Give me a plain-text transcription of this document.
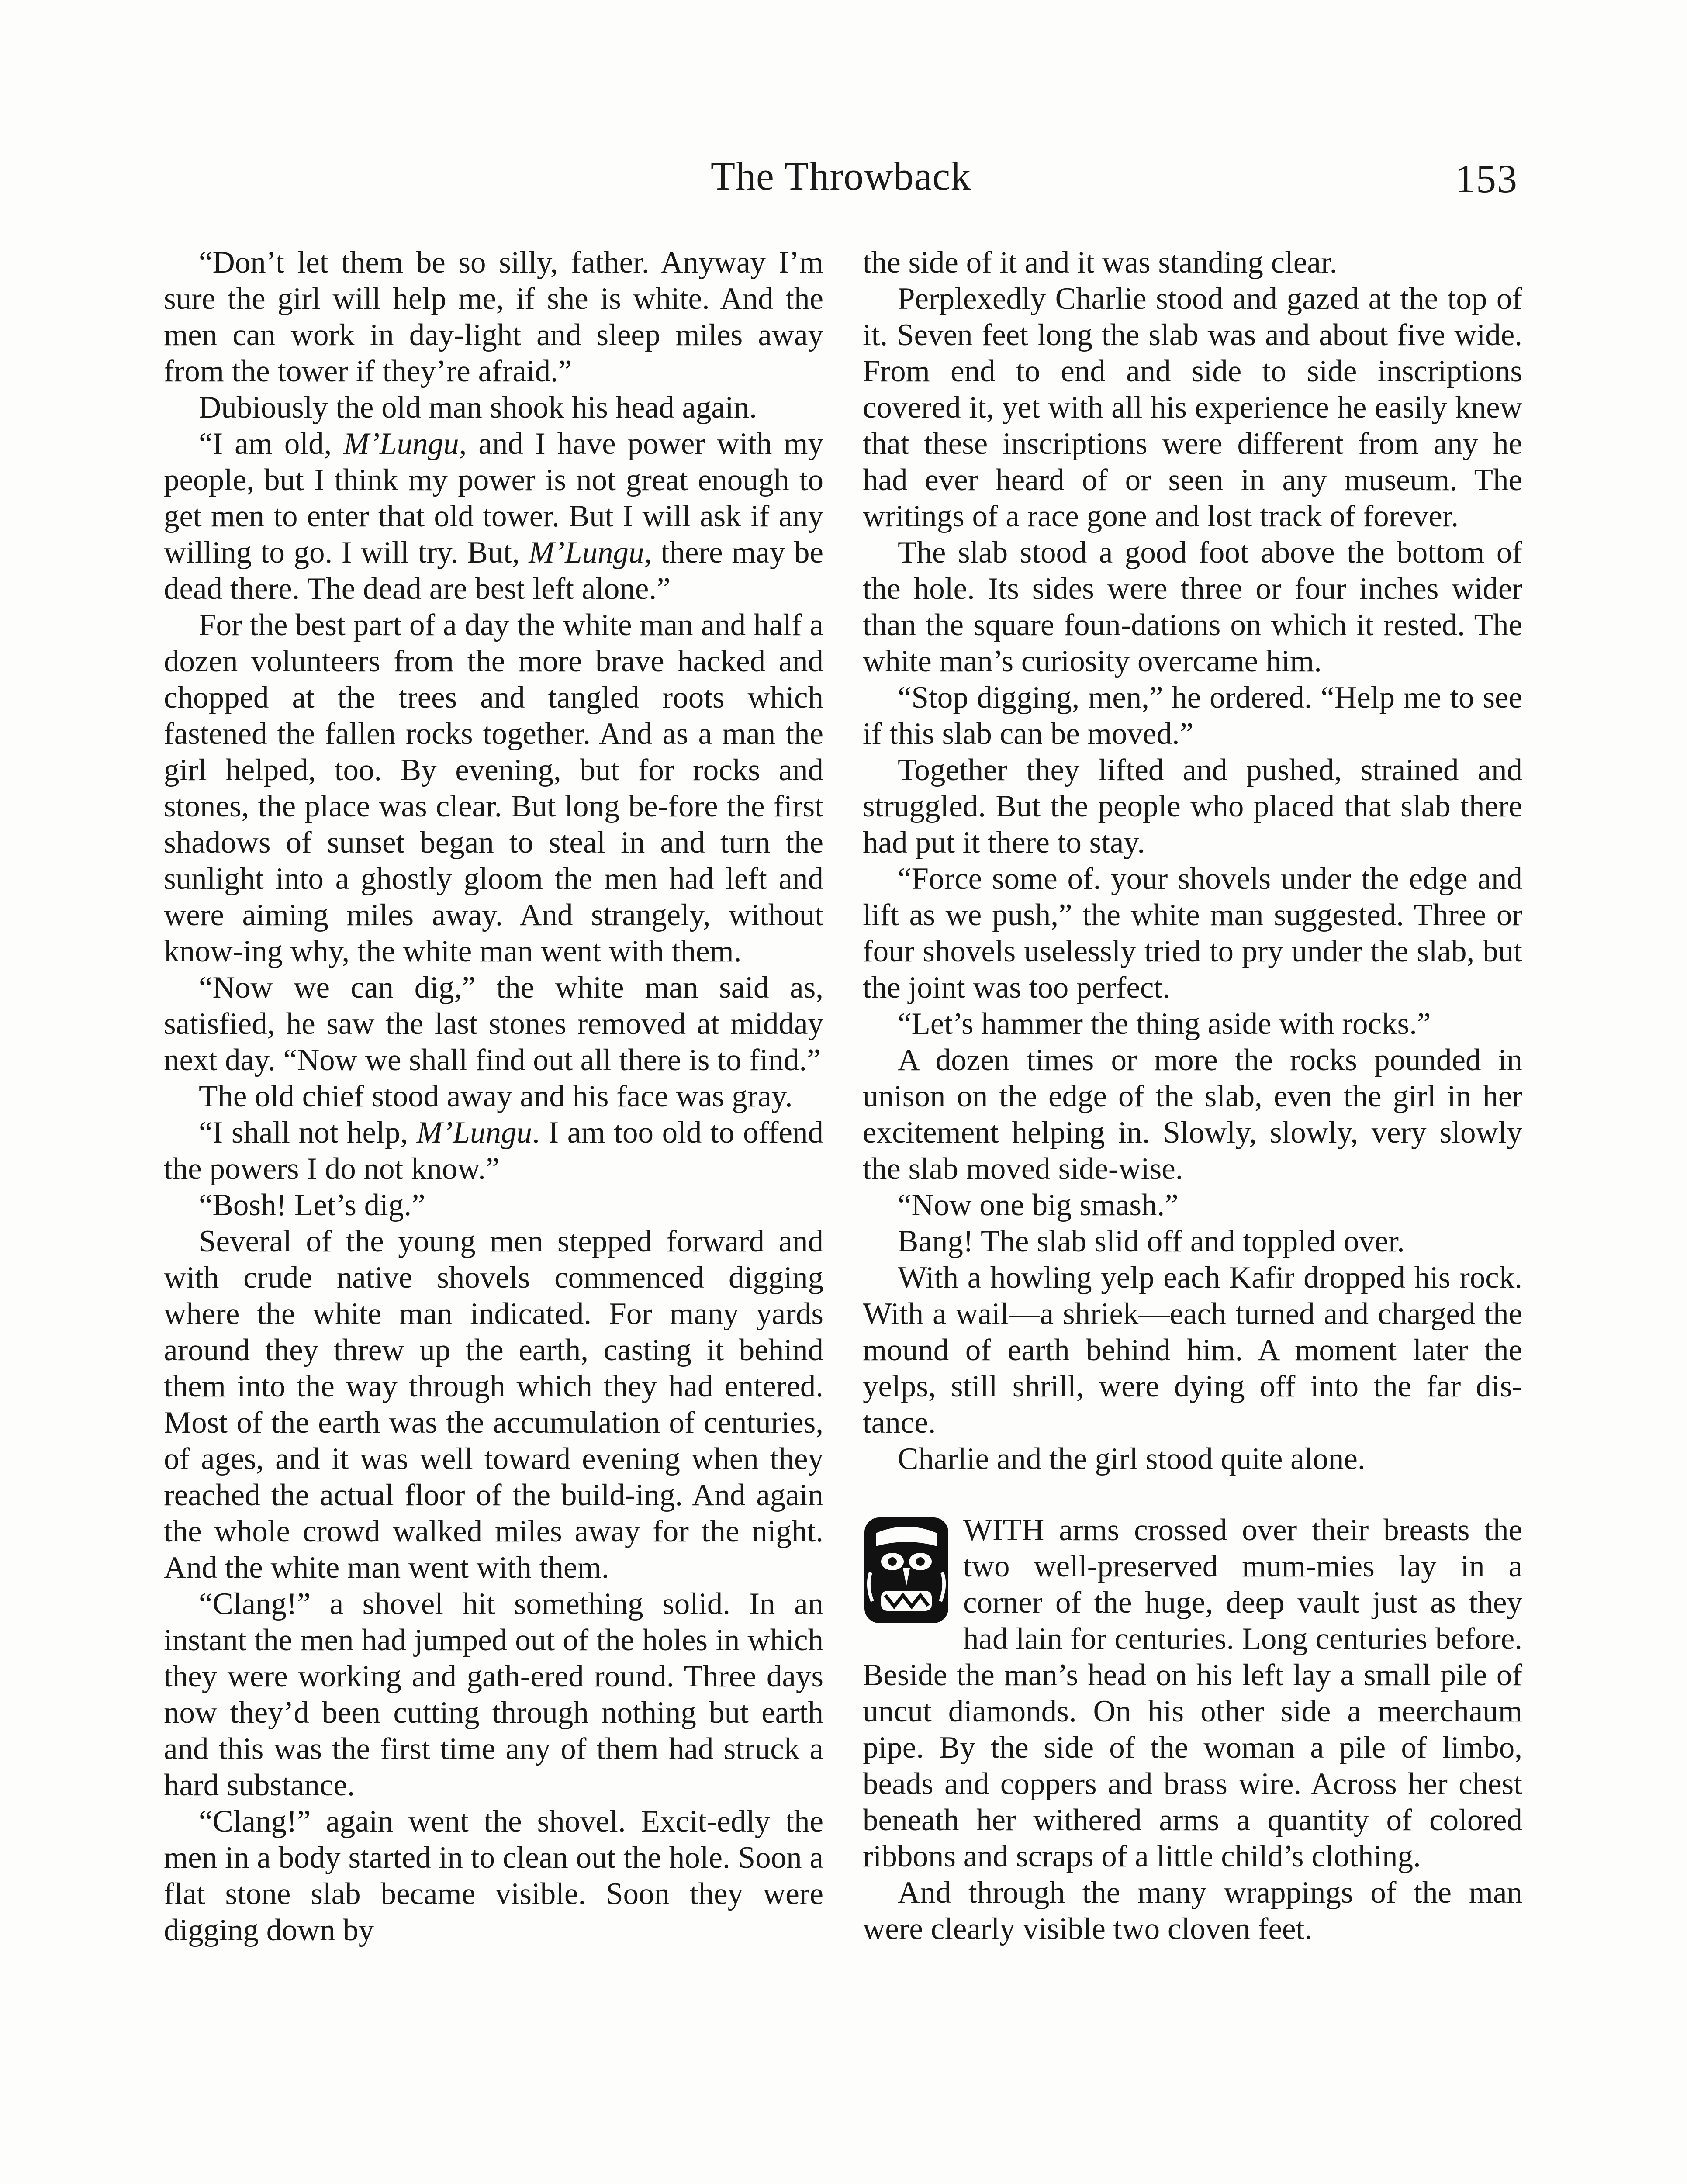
The Throwback	153

“Don’t let them be so silly, father. Anyway I’m sure the girl will help me, if she is white. And the men can work in day-light and sleep miles away from the tower if they’re afraid.”

Dubiously the old man shook his head again.

“I am old, M’Lungu, and I have power with my people, but I think my power is not great enough to get men to enter that old tower. But I will ask if any willing to go. I will try. But, M’Lungu, there may be dead there. The dead are best left alone.”

For the best part of a day the white man and half a dozen volunteers from the more brave hacked and chopped at the trees and tangled roots which fastened the fallen rocks together. And as a man the girl helped, too. By evening, but for rocks and stones, the place was clear. But long be-fore the first shadows of sunset began to steal in and turn the sunlight into a ghostly gloom the men had left and were aiming miles away. And strangely, without know-ing why, the white man went with them.

“Now we can dig,” the white man said as, satisfied, he saw the last stones removed at midday next day. “Now we shall find out all there is to find.”

The old chief stood away and his face was gray.

“I shall not help, M’Lungu. I am too old to offend the powers I do not know.”

“Bosh! Let’s dig.”

Several of the young men stepped forward and with crude native shovels commenced digging where the white man indicated. For many yards around they threw up the earth, casting it behind them into the way through which they had entered. Most of the earth was the accumulation of centuries, of ages, and it was well toward evening when they reached the actual floor of the build-ing. And again the whole crowd walked miles away for the night. And the white man went with them.

“Clang!” a shovel hit something solid. In an instant the men had jumped out of the holes in which they were working and gath-ered round. Three days now they’d been cutting through nothing but earth and this was the first time any of them had struck a hard substance.

“Clang!” again went the shovel. Excit-edly the men in a body started in to clean out the hole. Soon a flat stone slab became visible. Soon they were digging down by

the side of it and it was standing clear.

Perplexedly Charlie stood and gazed at the top of it. Seven feet long the slab was and about five wide. From end to end and side to side inscriptions covered it, yet with all his experience he easily knew that these inscriptions were different from any he had ever heard of or seen in any museum. The writings of a race gone and lost track of forever.

The slab stood a good foot above the bottom of the hole. Its sides were three or four inches wider than the square foun-dations on which it rested. The white man’s curiosity overcame him.

“Stop digging, men,” he ordered. “Help me to see if this slab can be moved.”

Together they lifted and pushed, strained and struggled. But the people who placed that slab there had put it there to stay.

“Force some of. your shovels under the edge and lift as we push,” the white man suggested. Three or four shovels uselessly tried to pry under the slab, but the joint was too perfect.

“Let’s hammer the thing aside with rocks.”

A dozen times or more the rocks pounded in unison on the edge of the slab, even the girl in her excitement helping in. Slowly, slowly, very slowly the slab moved side-wise.

“Now one big smash.”

Bang! The slab slid off and toppled over.

With a howling yelp each Kafir dropped his rock. With a wail—a shriek—each turned and charged the mound of earth behind him. A moment later the yelps, still shrill, were dying off into the far dis-tance.

Charlie and the girl stood quite alone.

WITH arms crossed over their breasts the two well-preserved mum-mies lay in a corner of the huge, deep vault just as they had lain for centuries. Long centuries before. Beside the man’s head on his left lay a small pile of uncut diamonds. On his other side a meerchaum pipe. By the side of the woman a pile of limbo, beads and coppers and brass wire. Across her chest beneath her withered arms a quantity of colored ribbons and scraps of a little child’s clothing.

And through the many wrappings of the man were clearly visible two cloven feet.
